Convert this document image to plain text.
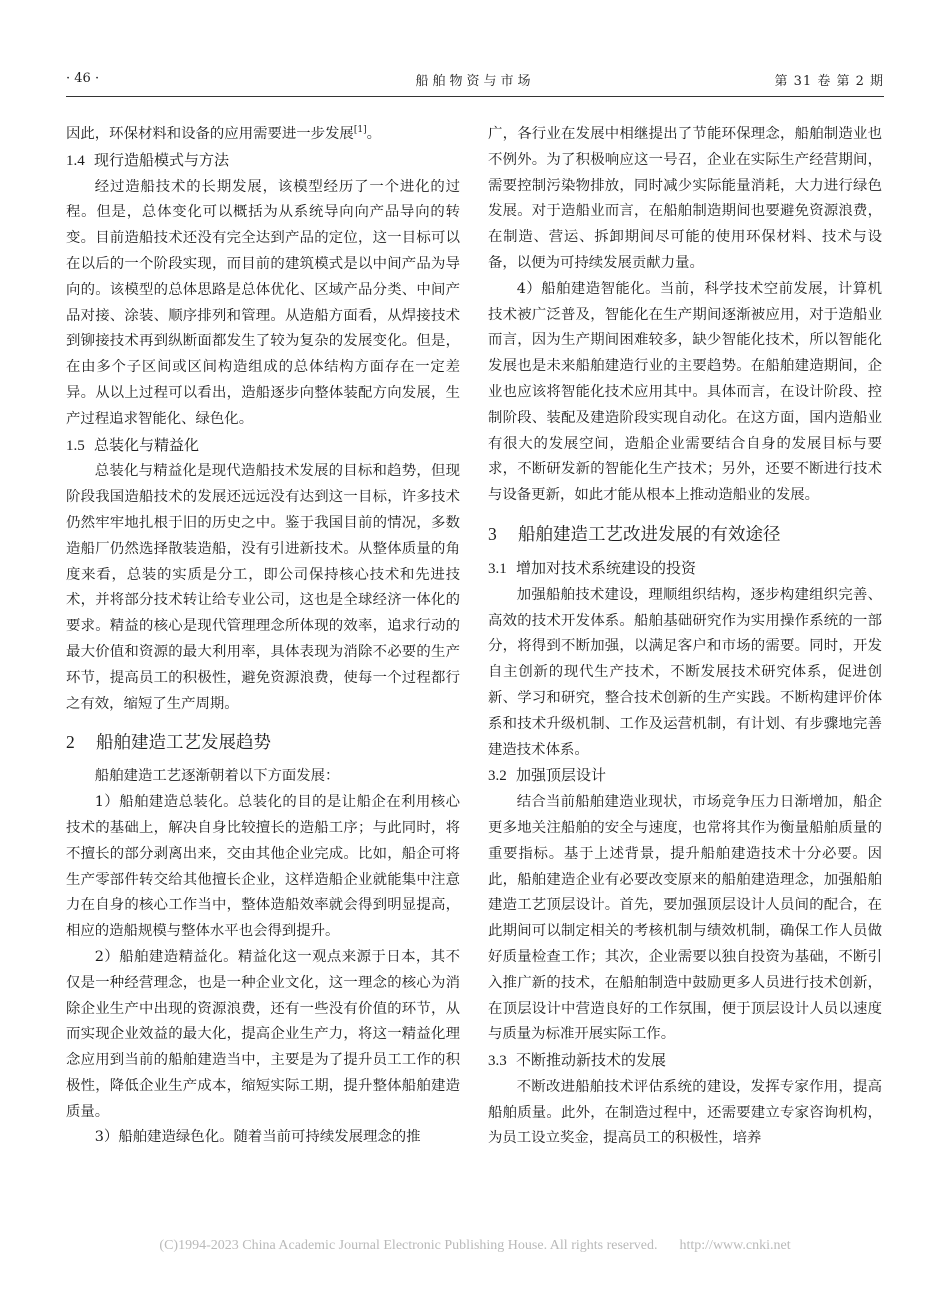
· 46 ·	船舶物资与市场	第 31 卷 第 2 期

因此，环保材料和设备的应用需要进一步发展[1]。

1.4 现行造船模式与方法

经过造船技术的长期发展，该模型经历了一个进化的过程。但是，总体变化可以概括为从系统导向向产品导向的转变。目前造船技术还没有完全达到产品的定位，这一目标可以在以后的一个阶段实现，而目前的建筑模式是以中间产品为导向的。该模型的总体思路是总体优化、区域产品分类、中间产品对接、涂装、顺序排列和管理。从造船方面看，从焊接技术到铆接技术再到纵断面都发生了较为复杂的发展变化。但是，在由多个子区间或区间构造组成的总体结构方面存在一定差异。从以上过程可以看出，造船逐步向整体装配方向发展，生产过程追求智能化、绿色化。

1.5 总装化与精益化

总装化与精益化是现代造船技术发展的目标和趋势，但现阶段我国造船技术的发展还远远没有达到这一目标，许多技术仍然牢牢地扎根于旧的历史之中。鉴于我国目前的情况，多数造船厂仍然选择散装造船，没有引进新技术。从整体质量的角度来看，总装的实质是分工，即公司保持核心技术和先进技术，并将部分技术转让给专业公司，这也是全球经济一体化的要求。精益的核心是现代管理理念所体现的效率，追求行动的最大价值和资源的最大利用率，具体表现为消除不必要的生产环节，提高员工的积极性，避免资源浪费，使每一个过程都行之有效，缩短了生产周期。

2 船舶建造工艺发展趋势

船舶建造工艺逐渐朝着以下方面发展：

1）船舶建造总装化。总装化的目的是让船企在利用核心技术的基础上，解决自身比较擅长的造船工序；与此同时，将不擅长的部分剥离出来，交由其他企业完成。比如，船企可将生产零部件转交给其他擅长企业，这样造船企业就能集中注意力在自身的核心工作当中，整体造船效率就会得到明显提高，相应的造船规模与整体水平也会得到提升。

2）船舶建造精益化。精益化这一观点来源于日本，其不仅是一种经营理念，也是一种企业文化，这一理念的核心为消除企业生产中出现的资源浪费，还有一些没有价值的环节，从而实现企业效益的最大化，提高企业生产力，将这一精益化理念应用到当前的船舶建造当中，主要是为了提升员工工作的积极性，降低企业生产成本，缩短实际工期，提升整体船舶建造质量。

3）船舶建造绿色化。随着当前可持续发展理念的推

广，各行业在发展中相继提出了节能环保理念，船舶制造业也不例外。为了积极响应这一号召，企业在实际生产经营期间，需要控制污染物排放，同时减少实际能量消耗，大力进行绿色发展。对于造船业而言，在船舶制造期间也要避免资源浪费，在制造、营运、拆卸期间尽可能的使用环保材料、技术与设备，以便为可持续发展贡献力量。

4）船舶建造智能化。当前，科学技术空前发展，计算机技术被广泛普及，智能化在生产期间逐渐被应用，对于造船业而言，因为生产期间困难较多，缺少智能化技术，所以智能化发展也是未来船舶建造行业的主要趋势。在船舶建造期间，企业也应该将智能化技术应用其中。具体而言，在设计阶段、控制阶段、装配及建造阶段实现自动化。在这方面，国内造船业有很大的发展空间，造船企业需要结合自身的发展目标与要求，不断研发新的智能化生产技术；另外，还要不断进行技术与设备更新，如此才能从根本上推动造船业的发展。

3 船舶建造工艺改进发展的有效途径
3.1 增加对技术系统建设的投资

加强船舶技术建设，理顺组织结构，逐步构建组织完善、高效的技术开发体系。船舶基础研究作为实用操作系统的一部分，将得到不断加强，以满足客户和市场的需要。同时，开发自主创新的现代生产技术，不断发展技术研究体系，促进创新、学习和研究，整合技术创新的生产实践。不断构建评价体系和技术升级机制、工作及运营机制，有计划、有步骤地完善建造技术体系。

3.2 加强顶层设计

结合当前船舶建造业现状，市场竞争压力日渐增加，船企更多地关注船舶的安全与速度，也常将其作为衡量船舶质量的重要指标。基于上述背景，提升船舶建造技术十分必要。因此，船舶建造企业有必要改变原来的船舶建造理念，加强船舶建造工艺顶层设计。首先，要加强顶层设计人员间的配合，在此期间可以制定相关的考核机制与绩效机制，确保工作人员做好质量检查工作；其次，企业需要以独自投资为基础，不断引入推广新的技术，在船舶制造中鼓励更多人员进行技术创新，在顶层设计中营造良好的工作氛围，便于顶层设计人员以速度与质量为标准开展实际工作。

3.3 不断推动新技术的发展

不断改进船舶技术评估系统的建设，发挥专家作用，提高船舶质量。此外，在制造过程中，还需要建立专家咨询机构，为员工设立奖金，提高员工的积极性，培养

(C)1994-2023 China Academic Journal Electronic Publishing House. All rights reserved. http://www.cnki.net
